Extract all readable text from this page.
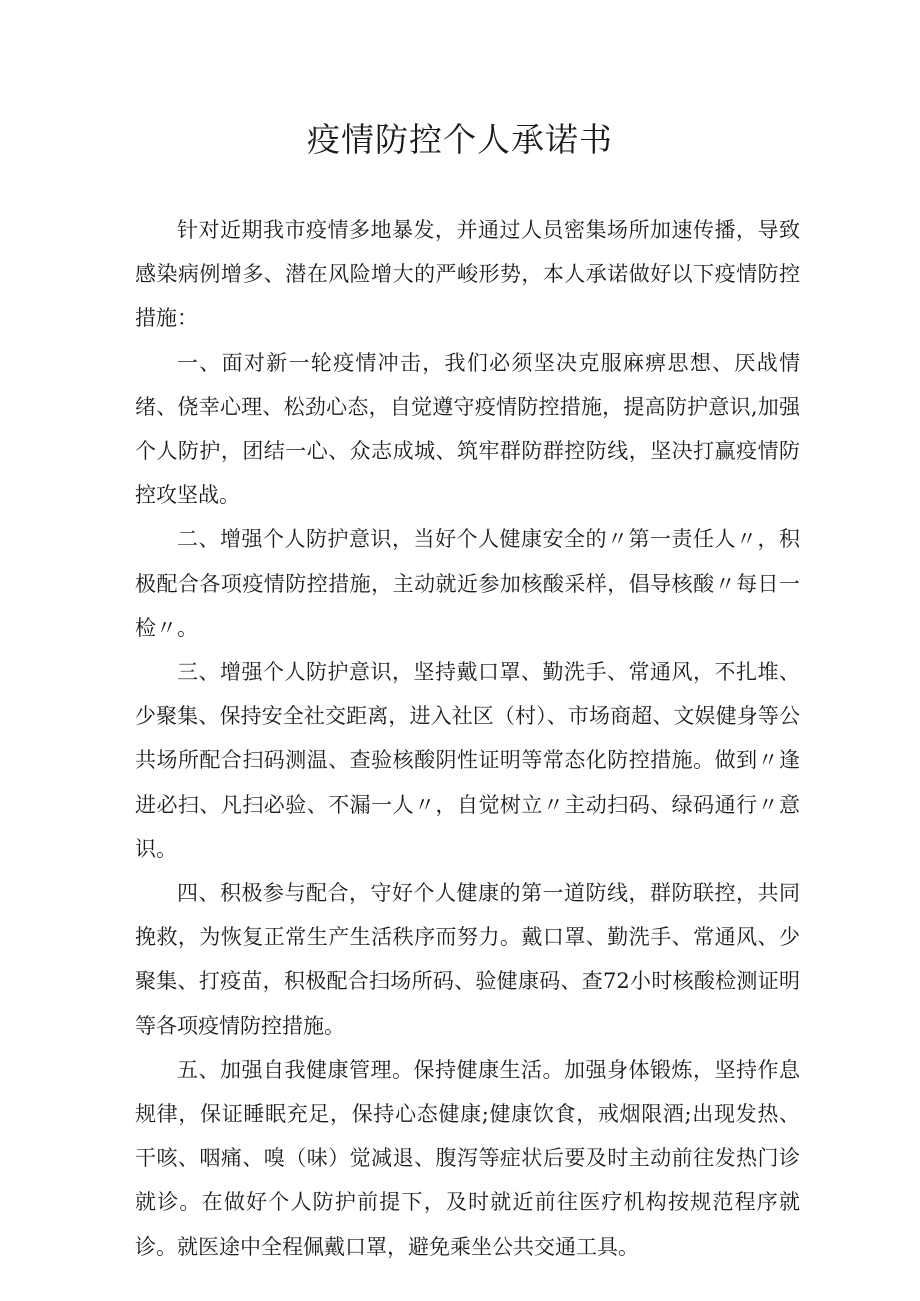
疫情防控个人承诺书

针对近期我市疫情多地暴发，并通过人员密集场所加速传播，导致感染病例增多、潜在风险增大的严峻形势，本人承诺做好以下疫情防控措施：

一、面对新一轮疫情冲击，我们必须坚决克服麻痹思想、厌战情绪、侥幸心理、松劲心态，自觉遵守疫情防控措施，提高防护意识,加强个人防护，团结一心、众志成城、筑牢群防群控防线，坚决打赢疫情防控攻坚战。

二、增强个人防护意识，当好个人健康安全的〃第一责任人〃，积极配合各项疫情防控措施，主动就近参加核酸采样，倡导核酸〃每日一检〃。

三、增强个人防护意识，坚持戴口罩、勤洗手、常通风，不扎堆、少聚集、保持安全社交距离，进入社区（村）、市场商超、文娱健身等公共场所配合扫码测温、查验核酸阴性证明等常态化防控措施。做到〃逢进必扫、凡扫必验、不漏一人〃，自觉树立〃主动扫码、绿码通行〃意识。

四、积极参与配合，守好个人健康的第一道防线，群防联控，共同挽救，为恢复正常生产生活秩序而努力。戴口罩、勤洗手、常通风、少聚集、打疫苗，积极配合扫场所码、验健康码、查72小时核酸检测证明等各项疫情防控措施。

五、加强自我健康管理。保持健康生活。加强身体锻炼，坚持作息规律，保证睡眠充足，保持心态健康;健康饮食，戒烟限酒;出现发热、干咳、咽痛、嗅（味）觉减退、腹泻等症状后要及时主动前往发热门诊就诊。在做好个人防护前提下，及时就近前往医疗机构按规范程序就诊。就医途中全程佩戴口罩，避免乘坐公共交通工具。
